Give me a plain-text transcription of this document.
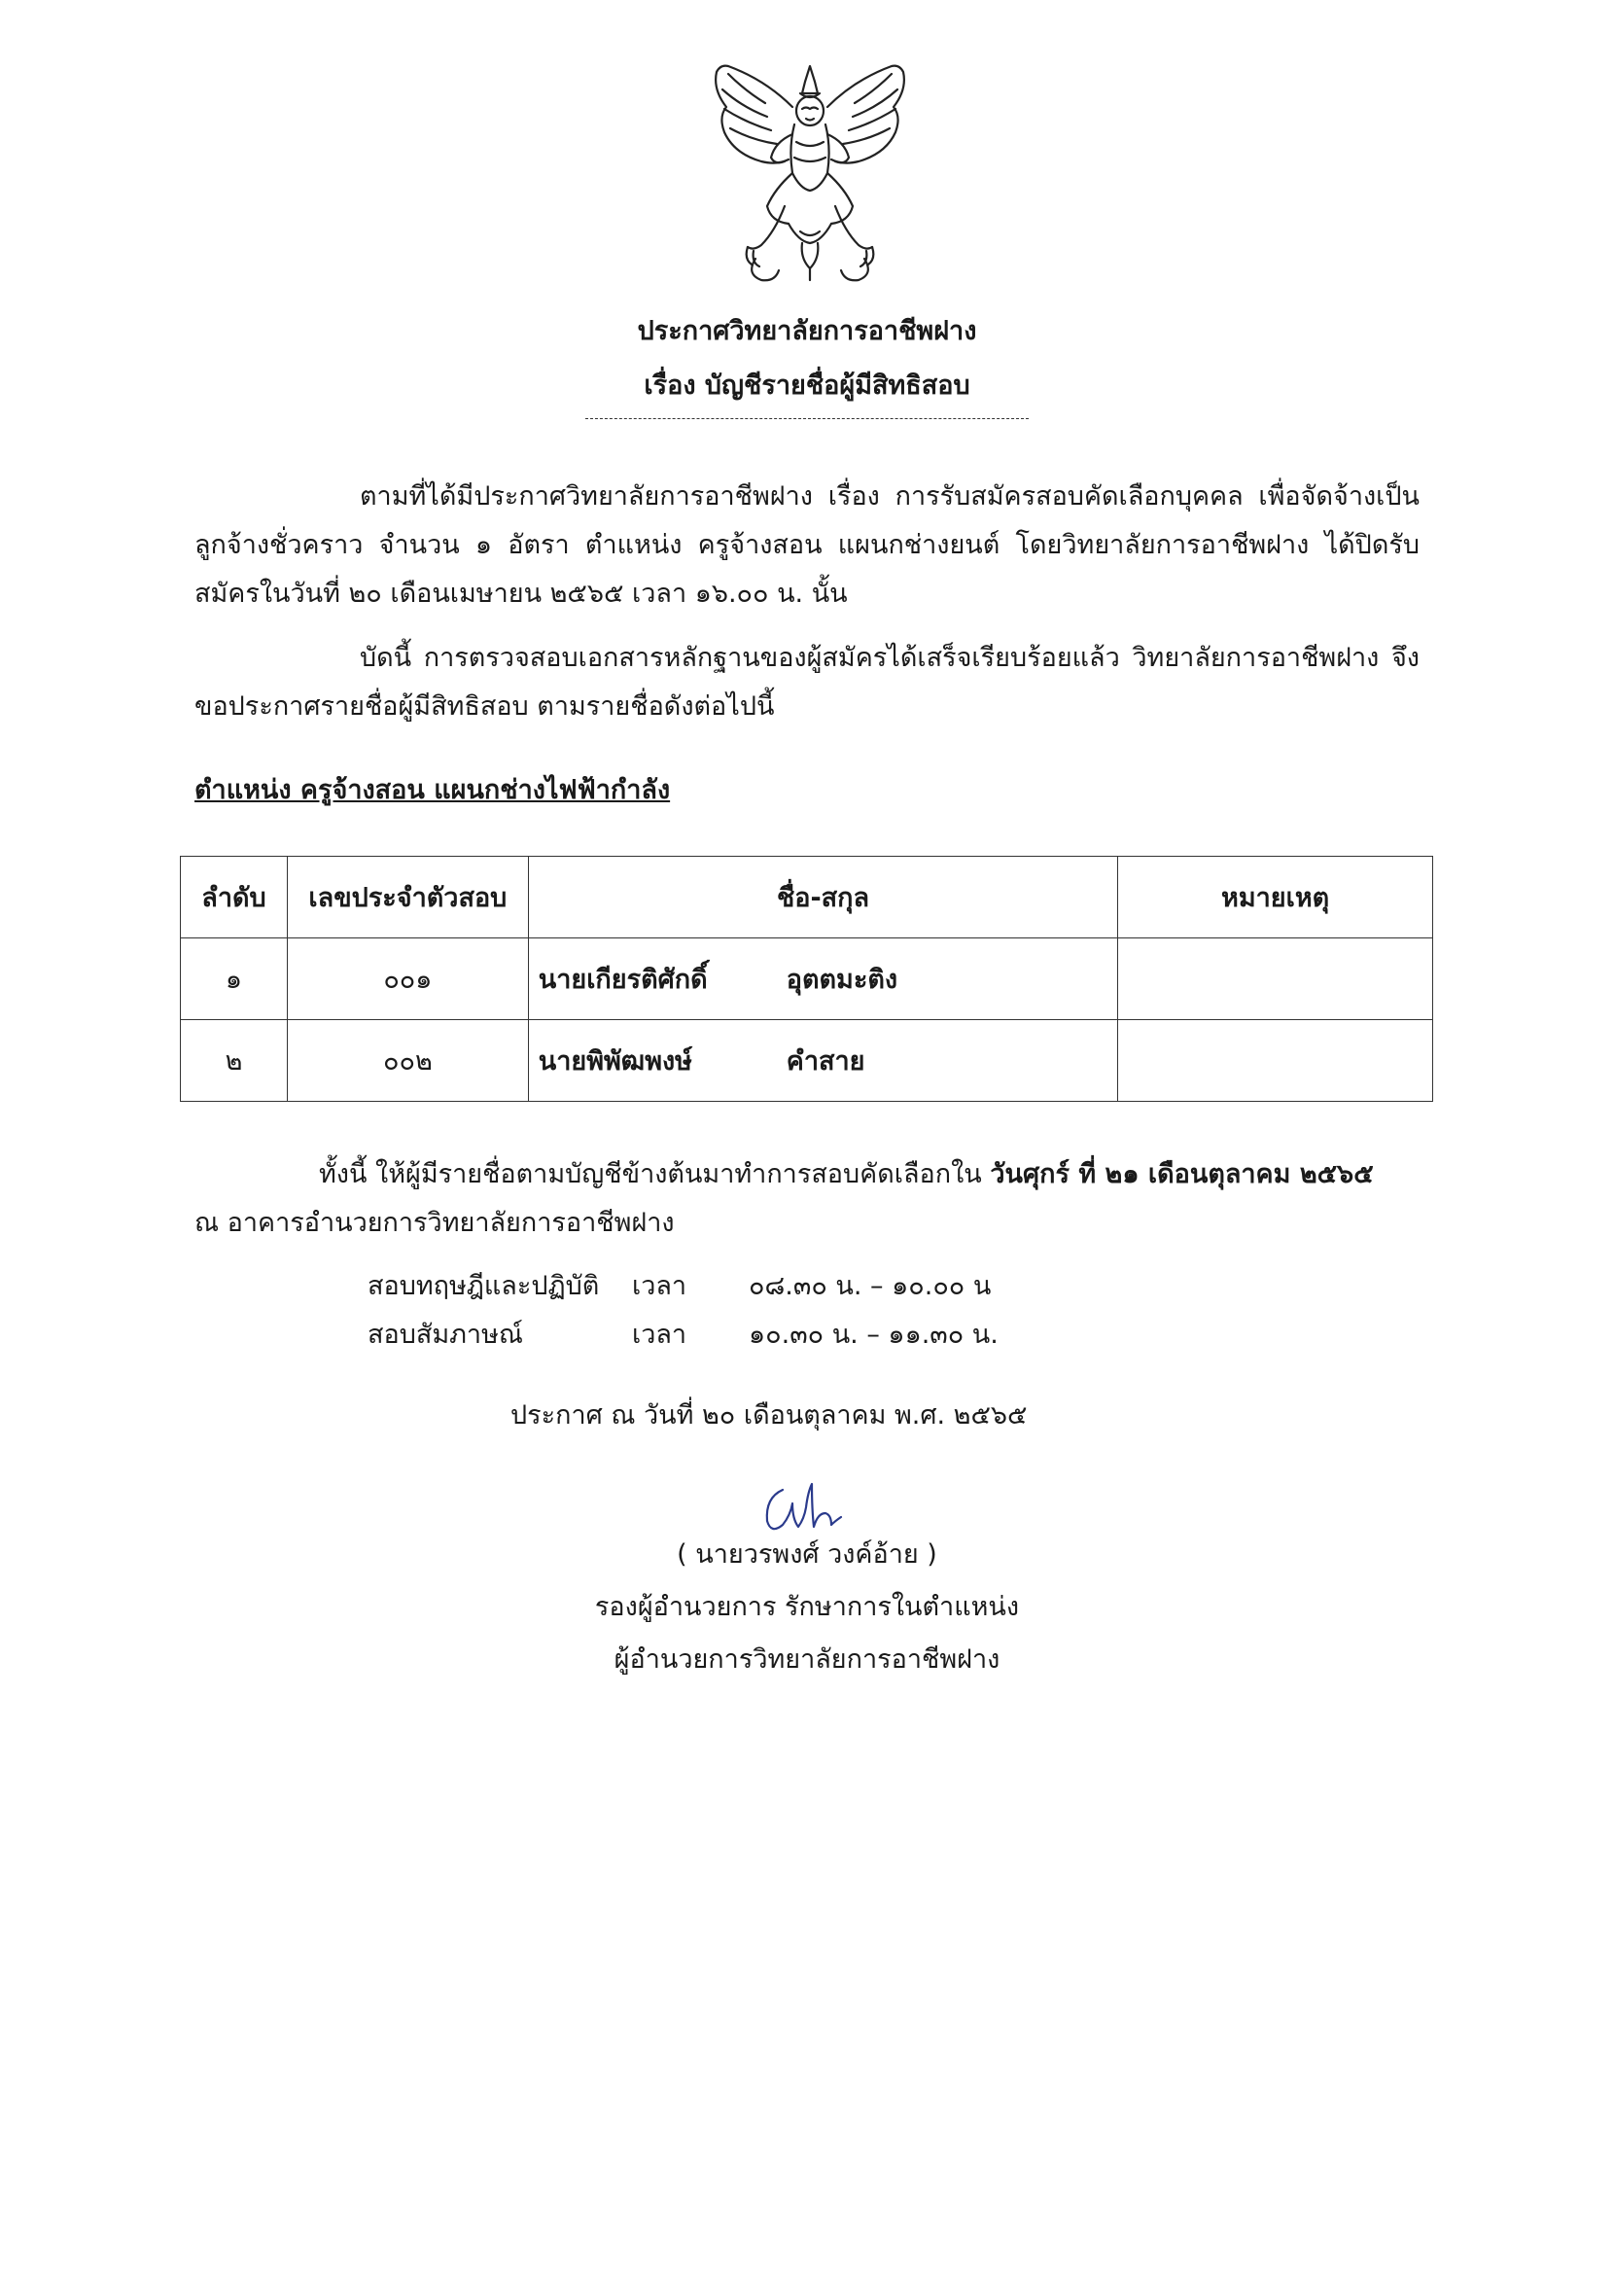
ประกาศวิทยาลัยการอาชีพฝาง
เรื่อง บัญชีรายชื่อผู้มีสิทธิสอบ
ตามที่ได้มีประกาศวิทยาลัยการอาชีพฝาง เรื่อง การรับสมัครสอบคัดเลือกบุคคล เพื่อจัดจ้างเป็นลูกจ้างชั่วคราว จำนวน ๑ อัตรา ตำแหน่ง ครูจ้างสอน แผนกช่างยนต์ โดยวิทยาลัยการอาชีพฝาง ได้ปิดรับสมัครในวันที่ ๒๐ เดือนเมษายน ๒๕๖๕ เวลา ๑๖.๐๐ น. นั้น
บัดนี้ การตรวจสอบเอกสารหลักฐานของผู้สมัครได้เสร็จเรียบร้อยแล้ว วิทยาลัยการอาชีพฝาง จึงขอประกาศรายชื่อผู้มีสิทธิสอบ ตามรายชื่อดังต่อไปนี้
ตำแหน่ง ครูจ้างสอน แผนกช่างไฟฟ้ากำลัง
ลำดับ	เลขประจำตัวสอบ	ชื่อ-สกุล	หมายเหตุ
๑	๐๐๑	นายเกียรติศักดิ์ อุตตมะติง	
๒	๐๐๒	นายพิพัฒพงษ์ คำสาย	
ทั้งนี้ ให้ผู้มีรายชื่อตามบัญชีข้างต้นมาทำการสอบคัดเลือกใน วันศุกร์ ที่ ๒๑ เดือนตุลาคม ๒๕๖๕
ณ อาคารอำนวยการวิทยาลัยการอาชีพฝาง
สอบทฤษฎีและปฏิบัติ เวลา ๐๘.๓๐ น. – ๑๐.๐๐ น
สอบสัมภาษณ์	เวลา ๑๐.๓๐ น. – ๑๑.๓๐ น.
ประกาศ ณ วันที่ ๒๐ เดือนตุลาคม พ.ศ. ๒๕๖๕
( นายวรพงศ์ วงค์อ้าย )
รองผู้อำนวยการ รักษาการในตำแหน่ง
ผู้อำนวยการวิทยาลัยการอาชีพฝาง
